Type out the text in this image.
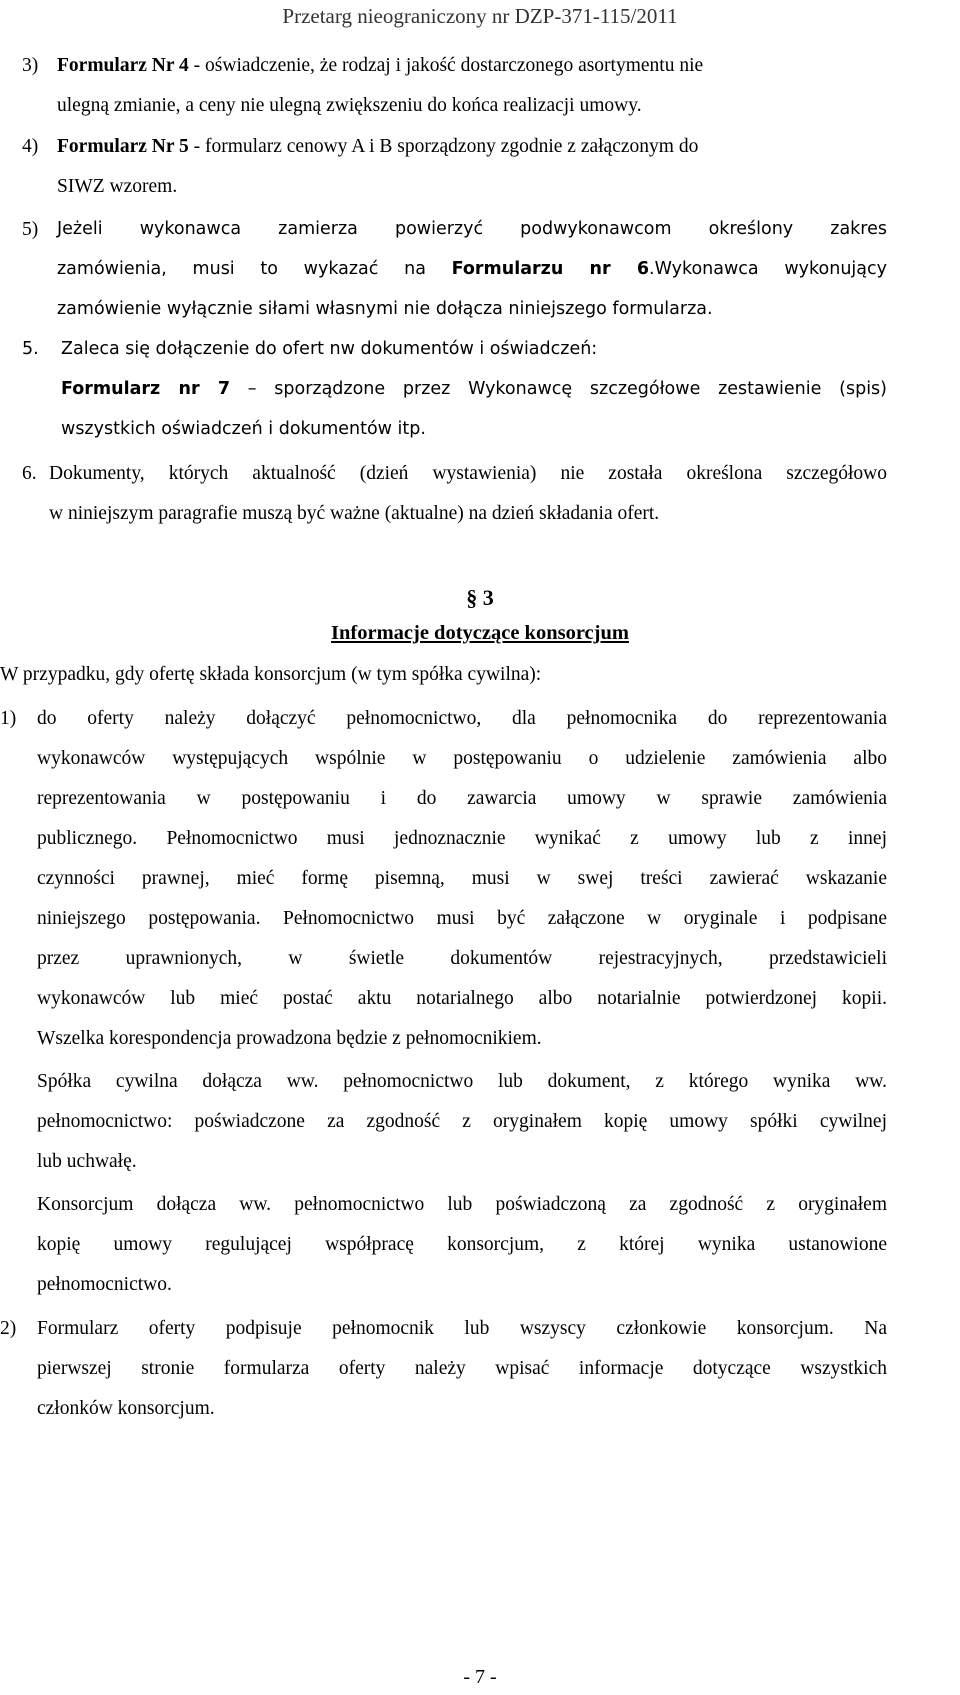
Przetarg nieograniczony nr DZP-371-115/2011
3) Formularz Nr 4 - oświadczenie, że rodzaj i jakość dostarczonego asortymentu nie
ulegną zmianie, a ceny nie ulegną zwiększeniu do końca realizacji umowy.
4) Formularz Nr 5 - formularz cenowy A i B sporządzony zgodnie z załączonym do
SIWZ wzorem.
5) Jeżeli wykonawca zamierza powierzyć podwykonawcom określony zakres
zamówienia, musi to wykazać na Formularzu nr 6.Wykonawca wykonujący
zamówienie wyłącznie siłami własnymi nie dołącza niniejszego formularza.
5. Zaleca się dołączenie do ofert nw dokumentów i oświadczeń:
Formularz nr 7 – sporządzone przez Wykonawcę szczegółowe zestawienie (spis)
wszystkich oświadczeń i dokumentów itp.
6. Dokumenty, których aktualność (dzień wystawienia) nie została określona szczegółowo
w niniejszym paragrafie muszą być ważne (aktualne) na dzień składania ofert.
§ 3
Informacje dotyczące konsorcjum
W przypadku, gdy ofertę składa konsorcjum (w tym spółka cywilna):
1) do oferty należy dołączyć pełnomocnictwo, dla pełnomocnika do reprezentowania
wykonawców występujących wspólnie w postępowaniu o udzielenie zamówienia albo
reprezentowania w postępowaniu i do zawarcia umowy w sprawie zamówienia
publicznego. Pełnomocnictwo musi jednoznacznie wynikać z umowy lub z innej
czynności prawnej, mieć formę pisemną, musi w swej treści zawierać wskazanie
niniejszego postępowania. Pełnomocnictwo musi być załączone w oryginale i podpisane
przez uprawnionych, w świetle dokumentów rejestracyjnych, przedstawicieli
wykonawców lub mieć postać aktu notarialnego albo notarialnie potwierdzonej kopii.
Wszelka korespondencja prowadzona będzie z pełnomocnikiem.
Spółka cywilna dołącza ww. pełnomocnictwo lub dokument, z którego wynika ww.
pełnomocnictwo: poświadczone za zgodność z oryginałem kopię umowy spółki cywilnej
lub uchwałę.
Konsorcjum dołącza ww. pełnomocnictwo lub poświadczoną za zgodność z oryginałem
kopię umowy regulującej współpracę konsorcjum, z której wynika ustanowione
pełnomocnictwo.
2) Formularz oferty podpisuje pełnomocnik lub wszyscy członkowie konsorcjum. Na
pierwszej stronie formularza oferty należy wpisać informacje dotyczące wszystkich
członków konsorcjum.
- 7 -
